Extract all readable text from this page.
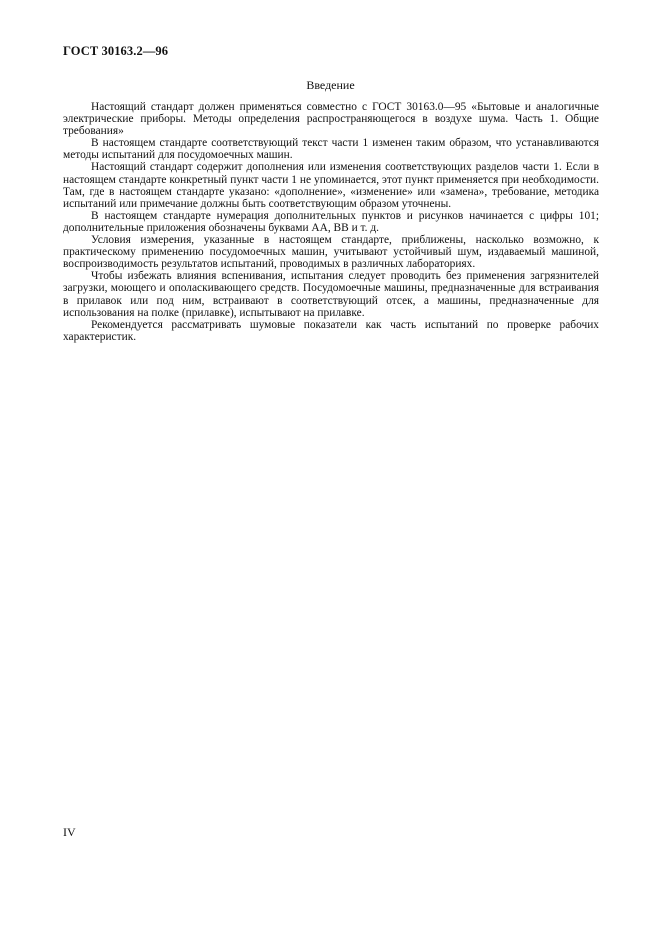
ГОСТ 30163.2—96
Введение

Настоящий стандарт должен применяться совместно с ГОСТ 30163.0—95 «Бытовые и аналогичные электрические приборы. Методы определения распространяющегося в воздухе шума. Часть 1. Общие требования»

В настоящем стандарте соответствующий текст части 1 изменен таким образом, что устанавливаются методы испытаний для посудомоечных машин.

Настоящий стандарт содержит дополнения или изменения соответствующих разделов части 1. Если в настоящем стандарте конкретный пункт части 1 не упоминается, этот пункт применяется при необходимости. Там, где в настоящем стандарте указано: «дополнение», «изменение» или «замена», требование, методика испытаний или примечание должны быть соответствующим образом уточнены.

В настоящем стандарте нумерация дополнительных пунктов и рисунков начинается с цифры 101; дополнительные приложения обозначены буквами АА, ВВ и т. д.

Условия измерения, указанные в настоящем стандарте, приближены, насколько возможно, к практическому применению посудомоечных машин, учитывают устойчивый шум, издаваемый машиной, воспроизводимость результатов испытаний, проводимых в различных лабораториях.

Чтобы избежать влияния вспенивания, испытания следует проводить без применения загрязнителей загрузки, моющего и ополаскивающего средств. Посудомоечные машины, предназначенные для встраивания в прилавок или под ним, встраивают в соответствующий отсек, а машины, предназначенные для использования на полке (прилавке), испытывают на прилавке.

Рекомендуется рассматривать шумовые показатели как часть испытаний по проверке рабочих характеристик.

IV
